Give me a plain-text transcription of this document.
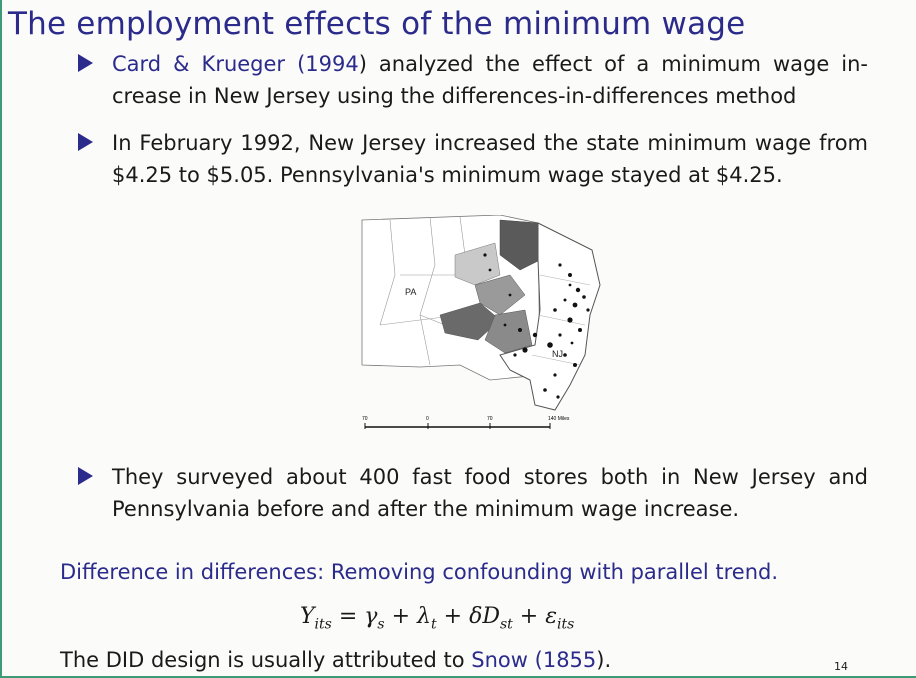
The employment effects of the minimum wage
Card & Krueger (1994) analyzed the effect of a minimum wage in-crease in New Jersey using the differences-in-differences method
In February 1992, New Jersey increased the state minimum wage from $4.25 to $5.05. Pennsylvania's minimum wage stayed at $4.25.
PA
NJ
70	0	70	140 Miles
They surveyed about 400 fast food stores both in New Jersey and Pennsylvania before and after the minimum wage increase.
Difference in differences: Removing confounding with parallel trend.
$Y_{its} = \gamma_s + \lambda_t + \delta D_{st} + \varepsilon_{its}$
The DID design is usually attributed to Snow (1855).	14
